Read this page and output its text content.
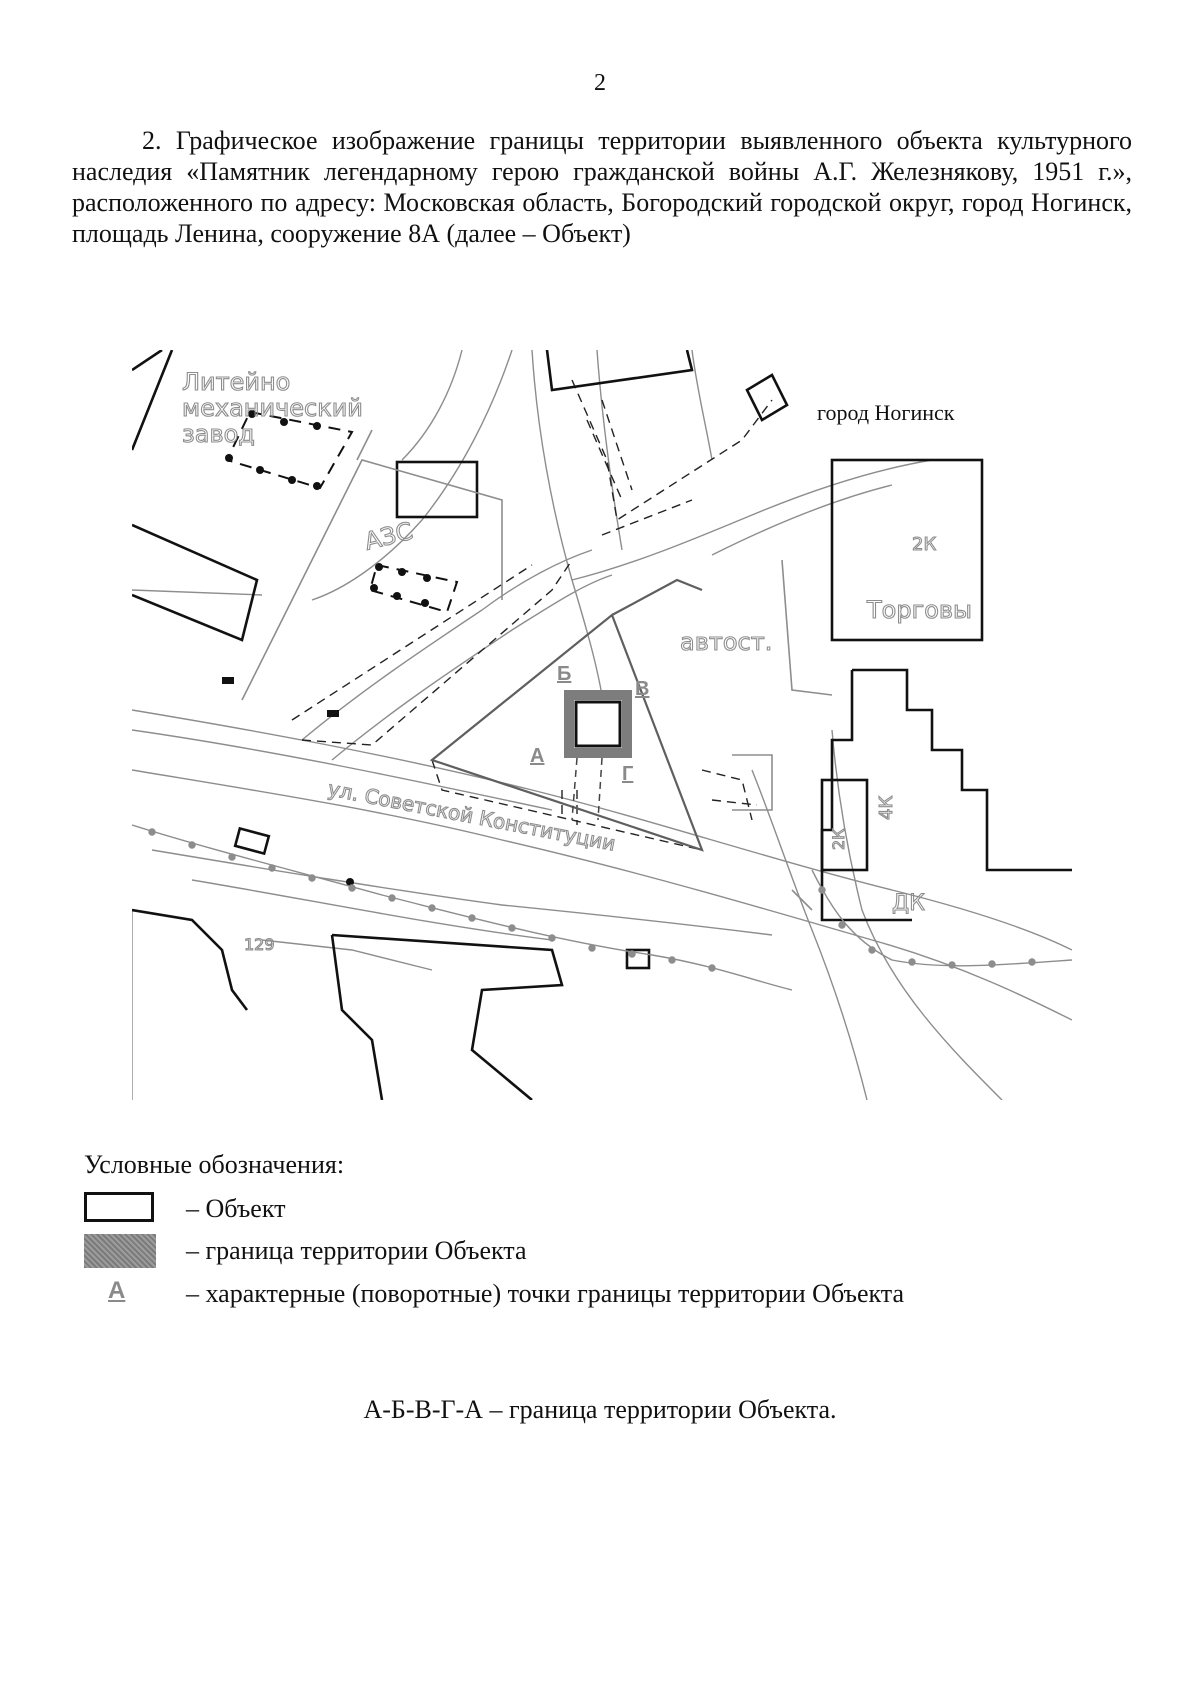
2

2. Графическое изображение границы территории выявленного объекта культурного наследия «Памятник легендарному герою гражданской войны А.Г. Железнякову, 1951 г.», расположенного по адресу: Московская область, Богородский городской округ, город Ногинск, площадь Ленина, сооружение 8А (далее – Объект)

Литейно
механический
завод
АЗС
автост.
Торговы
ул. Советской Конституции
2К
4К
2К
ДК
129
город Ногинск
А
Б
В
Г
Условные обозначения:
– Объект
– граница территории Объекта
А	– характерные (поворотные) точки границы территории Объекта
А-Б-В-Г-А – граница территории Объекта.
